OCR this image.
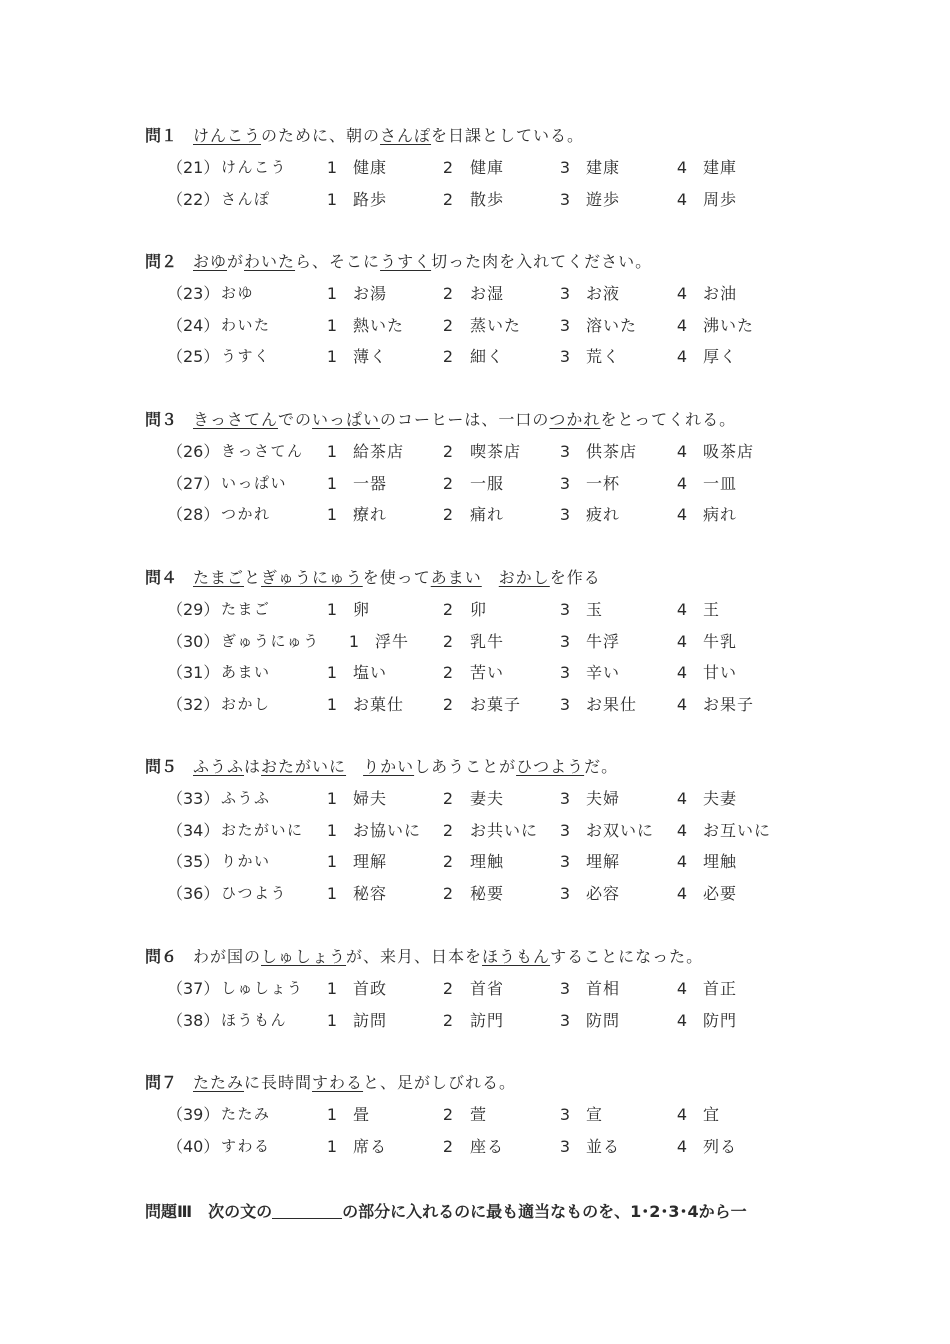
問１ けんこうのために、朝のさんぽを日課としている。
（21） けんこう 1 健康	2 健庫	3 建康	4 建庫
（22） さんぽ	1 路歩	2 散歩	3 遊歩	4 周歩
問２ おゆがわいたら、そこにうすく切った肉を入れてください。
（23） おゆ	1 お湯	2 お湿	3 お液	4 お油
（24） わいた	1 熱いた 2 蒸いた 3 溶いた 4 沸いた
（25） うすく	1 薄く	2 細く	3 荒く	4 厚く
問３ きっさてんでのいっぱいのコーヒーは、一口のつかれをとってくれる。
（26） きっさてん 1 給茶店 2 喫茶店 3 供茶店 4 吸茶店
（27） いっぱい 1 一器	2 一服	3 一杯	4 一皿
（28） つかれ	1 療れ	2 痛れ	3 疲れ	4 病れ
問４ たまごとぎゅうにゅうを使ってあまい　 おかしを作る
（29） たまご	1 卵	2 卯	3 玉	4 王
（30） ぎゅうにゅう 1 浮牛 2 乳牛	3 牛浮	4 牛乳
（31） あまい	1 塩い	2 苦い	3 辛い	4 甘い
（32） おかし	1 お菓仕 2 お菓子 3 お果仕 4 お果子
問５ ふうふはおたがいに　 りかいしあうことがひつようだ。
（33） ふうふ	1 婦夫	2 妻夫	3 夫婦	4 夫妻
（34） おたがいに 1 お協いに 2 お共いに 3 お双いに 4 お互いに
（35） りかい	1 理解	2 理触	3 埋解	4 埋触
（36） ひつよう 1 秘容	2 秘要	3 必容	4 必要
問６ わが国のしゅしょうが、来月、日本をほうもんすることになった。
（37） しゅしょう 1 首政	2 首省	3 首相	4 首正
（38） ほうもん 1 訪問	2 訪門	3 防問	4 防門
問７ たたみに長時間すわると、足がしびれる。
（39） たたみ	1 畳	2 萱	3 宣	4 宜
（40） すわる	1 席る	2 座る	3 並る	4 列る
問題Ⅲ　次の文の	の部分に入れるのに最も適当なものを、1･2･3･4から一
